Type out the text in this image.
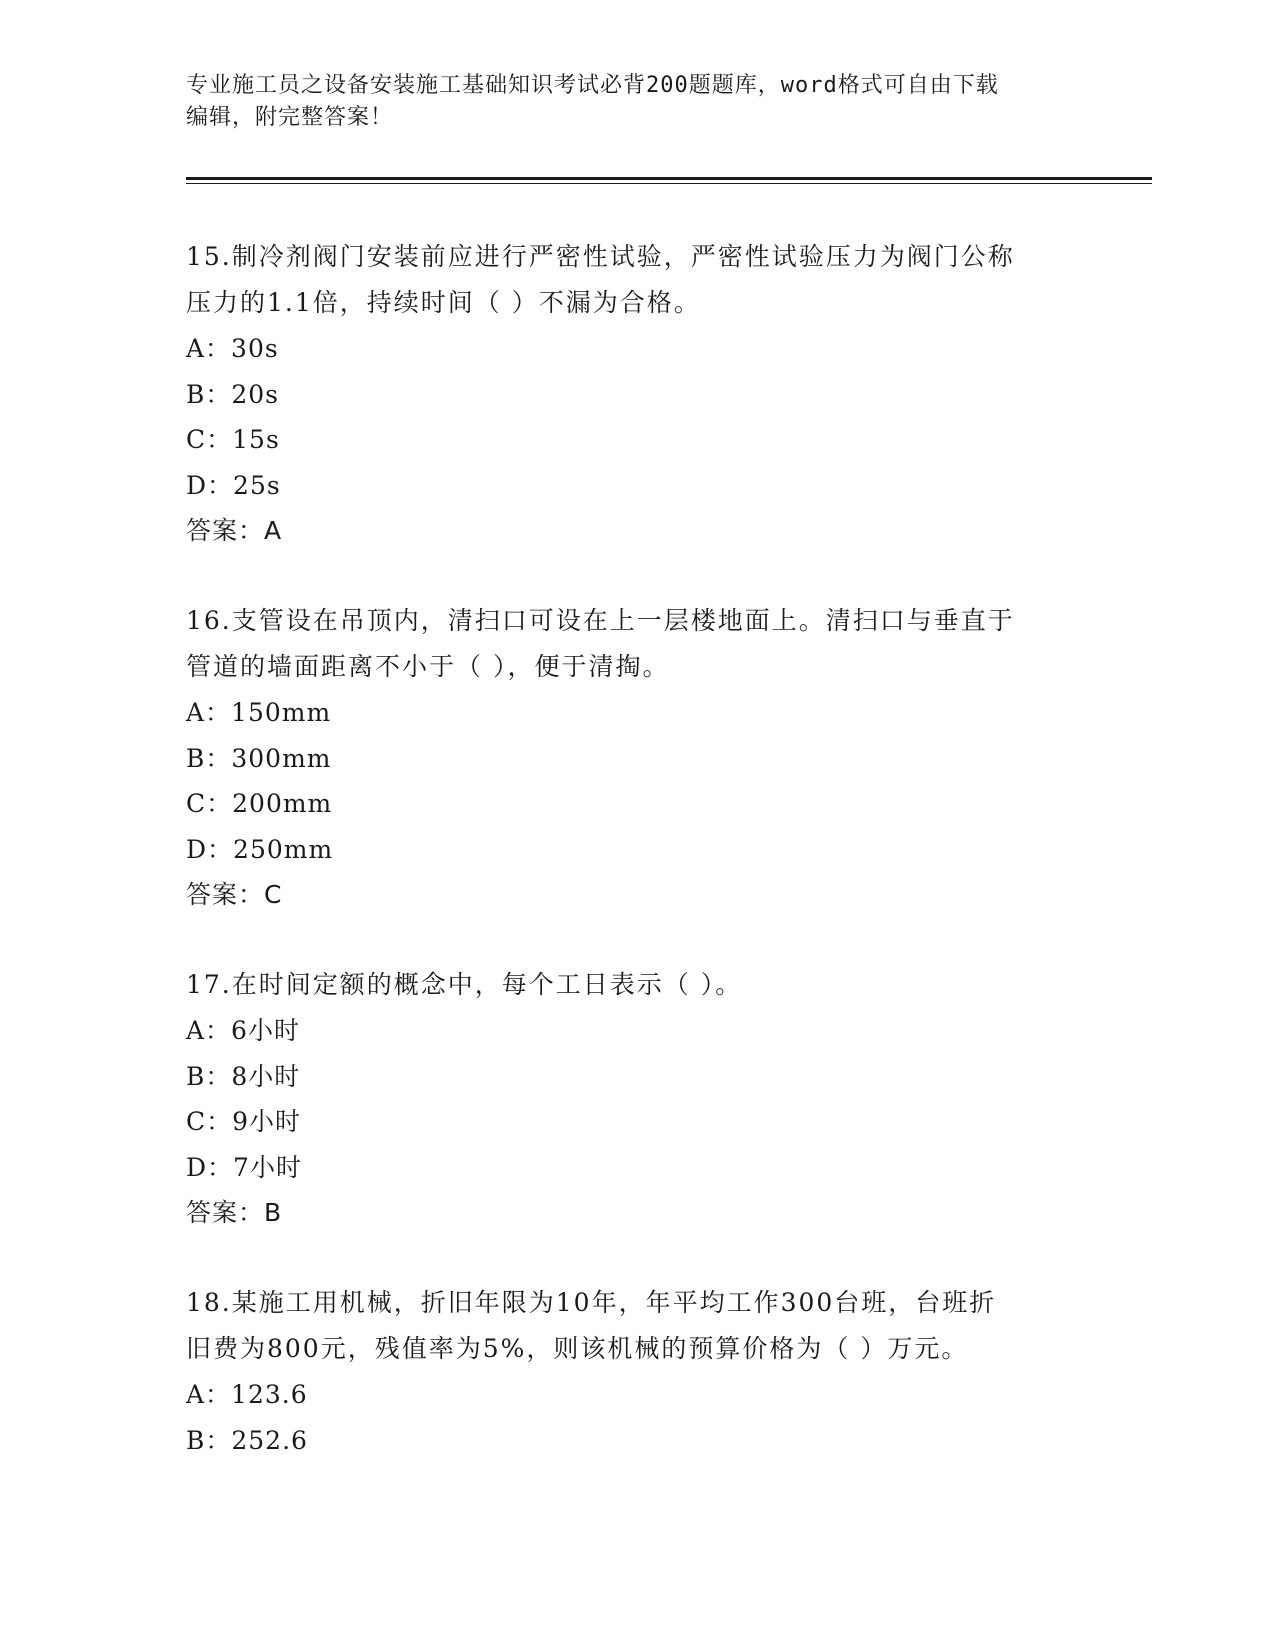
专业施工员之设备安装施工基础知识考试必背200题题库，word格式可自由下载
编辑，附完整答案！

15.制冷剂阀门安装前应进行严密性试验，严密性试验压力为阀门公称

压力的1.1倍，持续时间（ ）不漏为合格。

A：30s

B：20s

C：15s

D：25s

答案：A

16.支管设在吊顶内，清扫口可设在上一层楼地面上。清扫口与垂直于

管道的墙面距离不小于（ ），便于清掏。

A：150mm

B：300mm

C：200mm

D：250mm

答案：C

17.在时间定额的概念中，每个工日表示（ ）。

A：6小时

B：8小时

C：9小时

D：7小时

答案：B

18.某施工用机械，折旧年限为10年，年平均工作300台班，台班折

旧费为800元，残值率为5%，则该机械的预算价格为（ ）万元。

A：123.6

B：252.6
